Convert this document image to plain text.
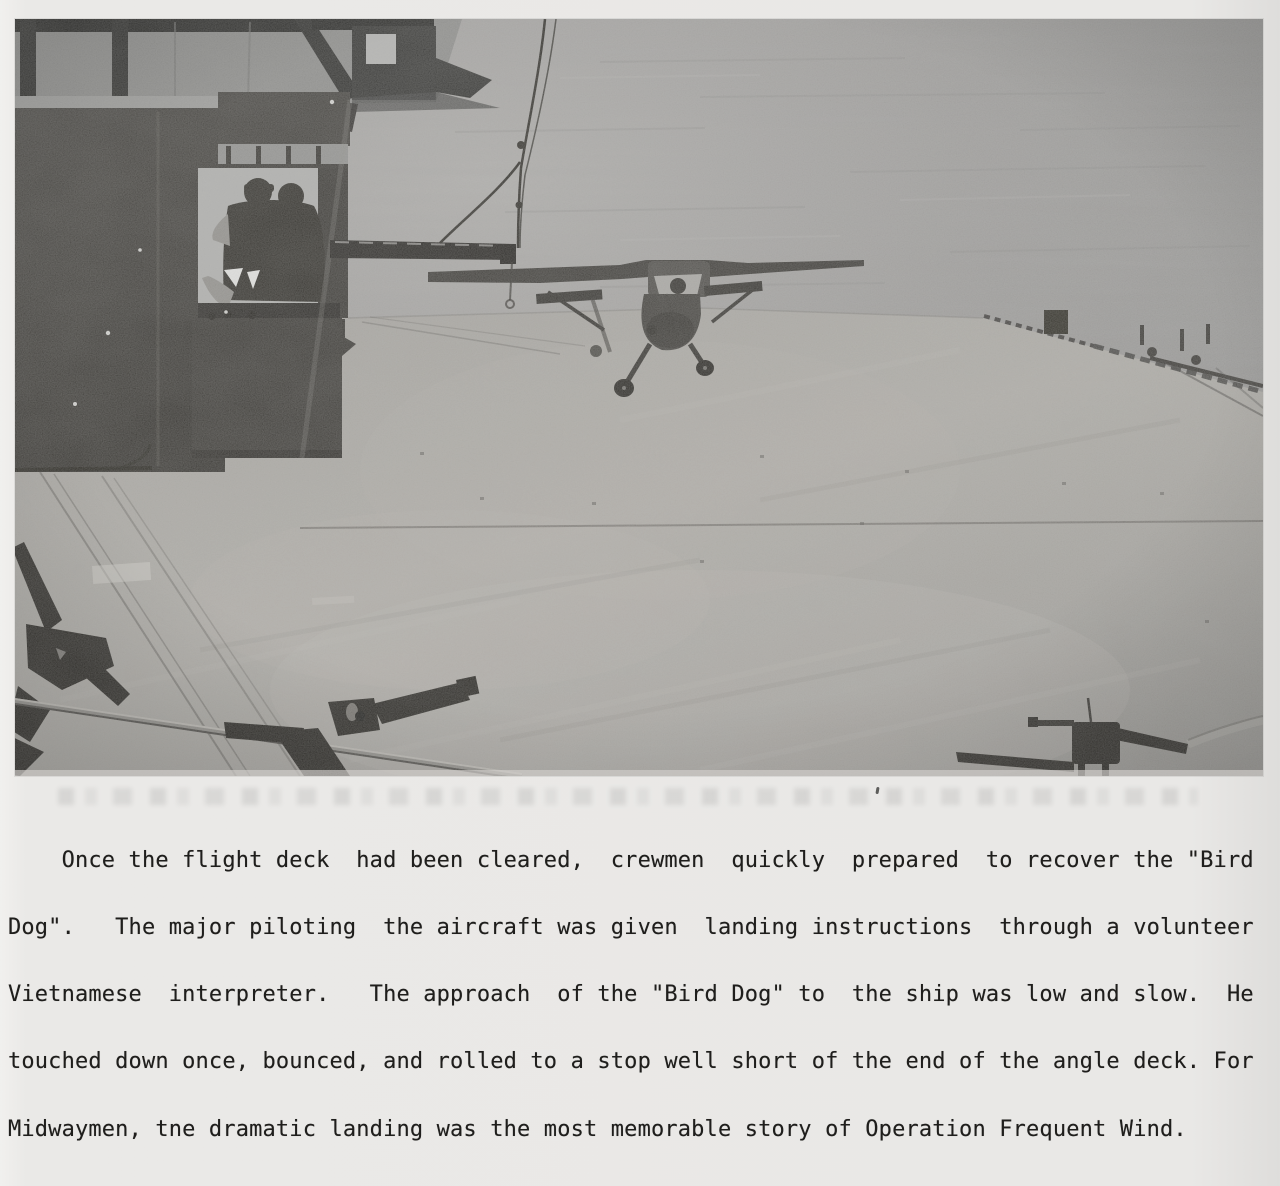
Once the flight deck  had been cleared,  crewmen  quickly  prepared  to recover the "Bird

Dog".   The major piloting  the aircraft was given  landing instructions  through a volunteer

Vietnamese  interpreter.   The approach  of the "Bird Dog" to  the ship was low and slow.  He

touched down once, bounced, and rolled to a stop well short of the end of the angle deck. For

Midwaymen, tne dramatic landing was the most memorable story of Operation Frequent Wind.
